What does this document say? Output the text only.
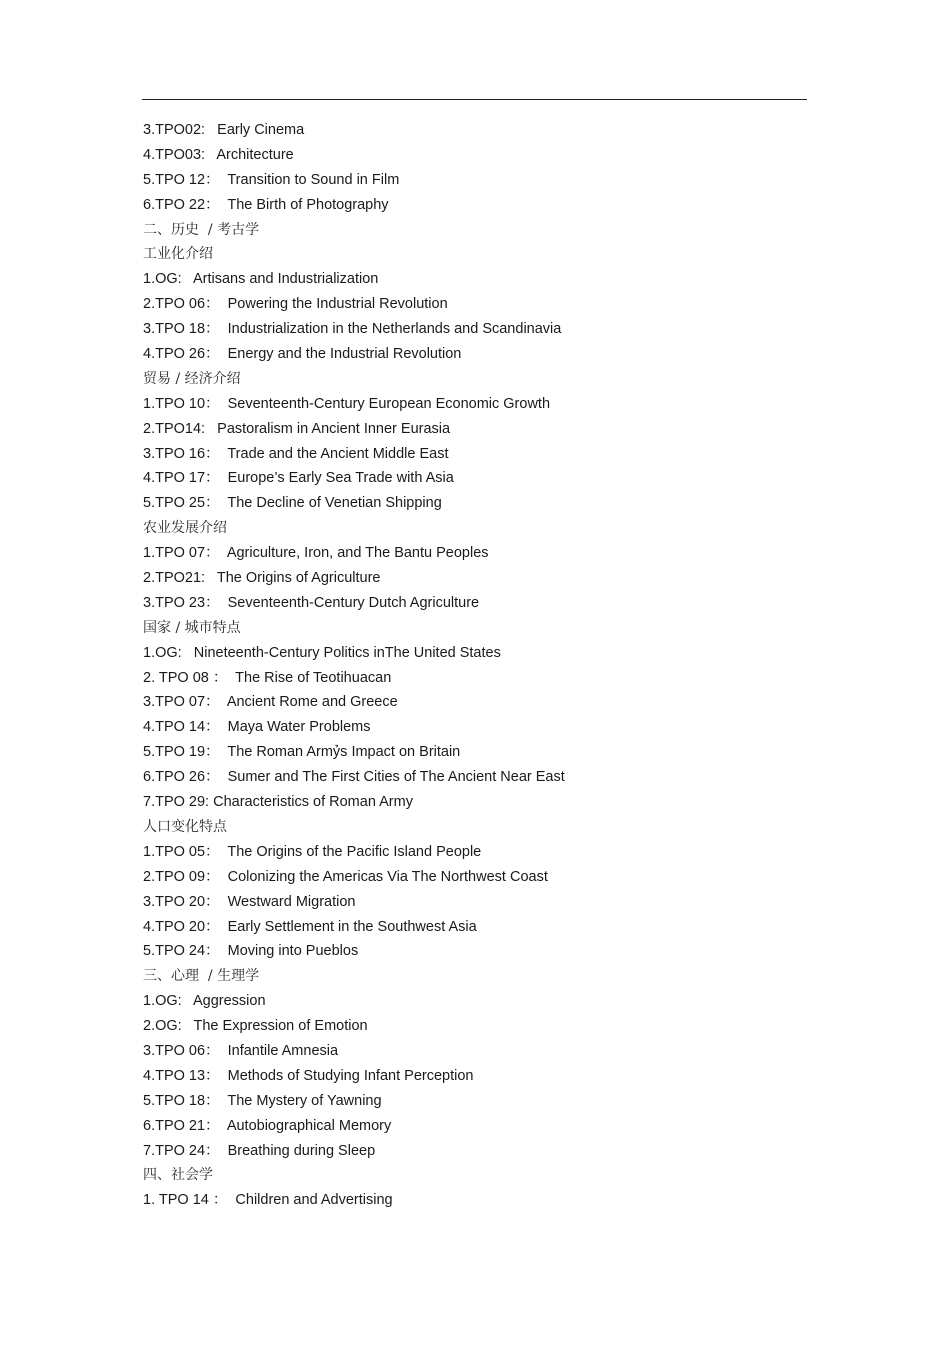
3.TPO02:   Early Cinema
4.TPO03:   Architecture
5.TPO 12：  Transition to Sound in Film
6.TPO 22：  The Birth of Photography
二、历史  / 考古学
工业化介绍
1.OG:   Artisans and Industrialization
2.TPO 06：  Powering the Industrial Revolution
3.TPO 18：  Industrialization in the Netherlands and Scandinavia
4.TPO 26：  Energy and the Industrial Revolution
贸易 / 经济介绍
1.TPO 10：  Seventeenth-Century European Economic Growth
2.TPO14:   Pastoralism in Ancient Inner Eurasia
3.TPO 16：  Trade and the Ancient Middle East
4.TPO 17：  Europe’s Early Sea Trade with Asia
5.TPO 25：  The Decline of Venetian Shipping
农业发展介绍
1.TPO 07：  Agriculture, Iron, and The Bantu Peoples
2.TPO21:   The Origins of Agriculture
3.TPO 23：  Seventeenth-Century Dutch Agriculture
国家 / 城市特点
1.OG:   Nineteenth-Century Politics inThe United States
2. TPO 08 ：  The Rise of Teotihuacan
3.TPO 07：  Ancient Rome and Greece
4.TPO 14：  Maya Water Problems
5.TPO 19：  The Roman Armỷs Impact on Britain
6.TPO 26：  Sumer and The First Cities of The Ancient Near East
7.TPO 29: Characteristics of Roman Army
人口变化特点
1.TPO 05：  The Origins of the Pacific Island People
2.TPO 09：  Colonizing the Americas Via The Northwest Coast
3.TPO 20：  Westward Migration
4.TPO 20：  Early Settlement in the Southwest Asia
5.TPO 24：  Moving into Pueblos
三、心理  / 生理学
1.OG:   Aggression
2.OG:   The Expression of Emotion
3.TPO 06：  Infantile Amnesia
4.TPO 13：  Methods of Studying Infant Perception
5.TPO 18：  The Mystery of Yawning
6.TPO 21：  Autobiographical Memory
7.TPO 24：  Breathing during Sleep
四、社会学
1. TPO 14 ：  Children and Advertising
